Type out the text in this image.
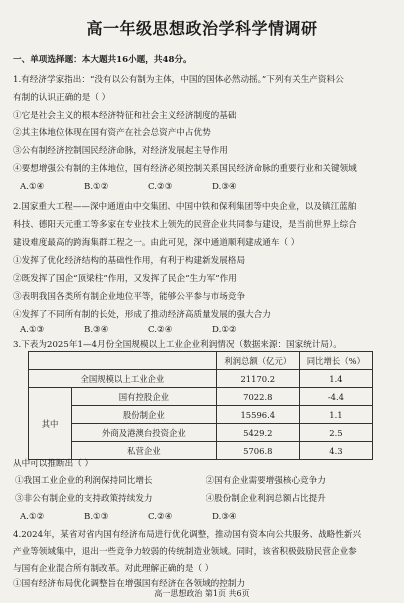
高一年级思想政治学科学情调研
一、单项选择题：本大题共16小题，共48分。
1.有经济学家指出：“没有以公有制为主体，中国的国体必然动摇。”下列有关生产资料公
有制的认识正确的是（ ）
①它是社会主义的根本经济特征和社会主义经济制度的基础
②其主体地位体现在国有资产在社会总资产中占优势
③公有制经济控制国民经济命脉，对经济发展起主导作用
④要想增强公有制的主体地位，国有经济必须控制关系国民经济命脉的重要行业和关键领域
A.①④	B.①②	C.②③	D.③④
2.国家重大工程——深中通道由中交集团、中国中铁和保利集团等中央企业，以及镇江蓝舶
科技、德阳天元重工等多家在专业技术上领先的民营企业共同参与建设，是当前世界上综合
建设难度最高的跨海集群工程之一。由此可见，深中通道顺利建成通车（ ）
①发挥了优化经济结构的基础性作用，有利于构建新发展格局
②既发挥了国企“顶梁柱”作用，又发挥了民企“生力军”作用
③表明我国各类所有制企业地位平等，能够公平参与市场竞争
④发挥了不同所有制的长处，形成了推动经济高质量发展的强大合力
A.①③	B.③④	C.②④	D.①②
3.下表为2025年1—4月份全国规模以上工业企业利润情况（数据来源：国家统计局）。
		利润总额（亿元）	同比增长（%）
全国规模以上工业企业		21170.2	1.4
其中	国有控股企业	7022.8	-4.4
	股份制企业	15596.4	1.1
	外商及港澳台投资企业	5429.2	2.5
	私营企业	5706.8	4.3
从中可以推断出（ ）
①我国工业企业的利润保持同比增长	②国有企业需要增强核心竞争力
③非公有制企业的支持政策持续发力	④股份制企业利润总额占比提升
A.①②	B.①③	C.②④	D.③④
4.2024年，某省对省内国有经济布局进行优化调整，推动国有资本向公共服务、战略性新兴
产业等领域集中，退出一些竞争力较弱的传统制造业领域。同时，该省积极鼓励民营企业参
与国有企业混合所有制改革。对此理解正确的是（ ）
①国有经济布局优化调整旨在增强国有经济在各领域的控制力
高一思想政治 第1页 共6页
